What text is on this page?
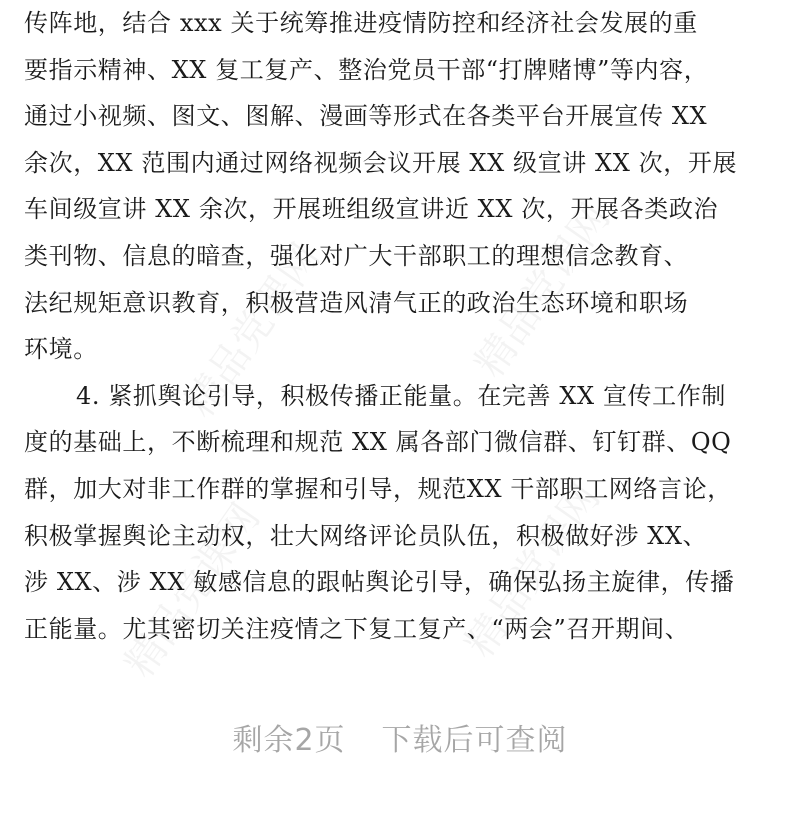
精品党课网	精品党课网
精品党课网	精品党课网
传阵地，结合 xxx 关于统筹推进疫情防控和经济社会发展的重
要指示精神、XX 复工复产、整治党员干部“打牌赌博”等内容，
通过小视频、图文、图解、漫画等形式在各类平台开展宣传 XX
余次，XX 范围内通过网络视频会议开展 XX 级宣讲 XX 次，开展
车间级宣讲 XX 余次，开展班组级宣讲近 XX 次，开展各类政治
类刊物、信息的暗查，强化对广大干部职工的理想信念教育、
法纪规矩意识教育，积极营造风清气正的政治生态环境和职场
环境。
4. 紧抓舆论引导，积极传播正能量。在完善 XX 宣传工作制
度的基础上，不断梳理和规范 XX 属各部门微信群、钉钉群、QQ
群，加大对非工作群的掌握和引导，规范XX 干部职工网络言论，
积极掌握舆论主动权，壮大网络评论员队伍，积极做好涉 XX、
涉 XX、涉 XX 敏感信息的跟帖舆论引导，确保弘扬主旋律，传播
正能量。尤其密切关注疫情之下复工复产、“两会”召开期间、
剩余2页 下载后可查阅
